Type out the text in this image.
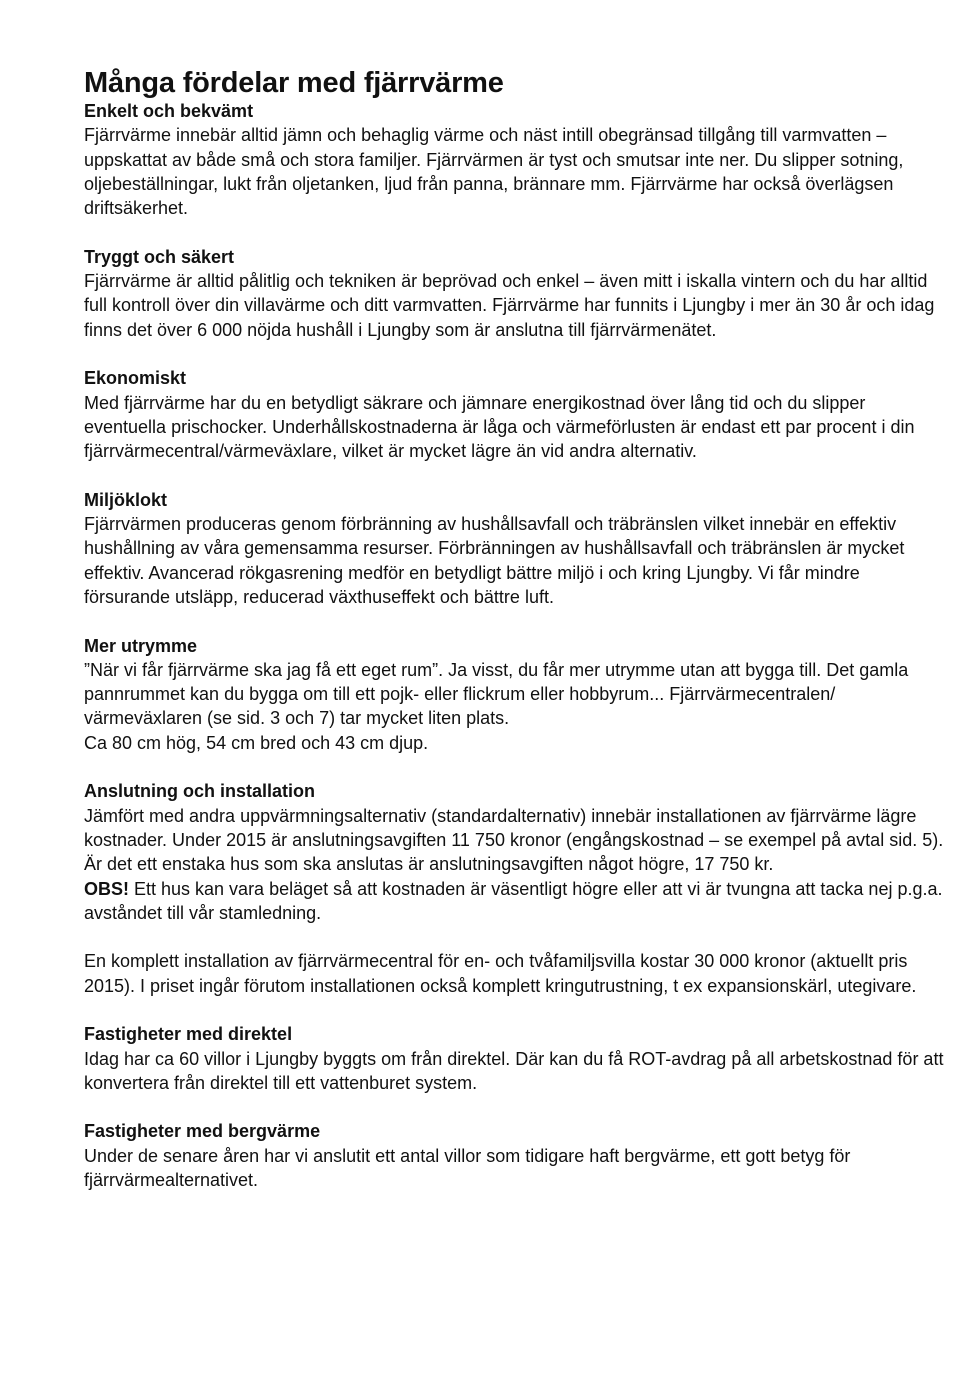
Många fördelar med fjärrvärme
Enkelt och bekvämt

Fjärrvärme innebär alltid jämn och behaglig värme och näst intill obegränsad tillgång till varmvatten – uppskattat av både små och stora familjer. Fjärrvärmen är tyst och smutsar inte ner. Du slipper sotning, oljebeställningar, lukt från oljetanken, ljud från panna, brännare mm. Fjärrvärme har också överlägsen driftsäkerhet.

Tryggt och säkert

Fjärrvärme är alltid pålitlig och tekniken är beprövad och enkel – även mitt i iskalla vintern och du har alltid full kontroll över din villavärme och ditt varmvatten. Fjärrvärme har funnits i Ljungby i mer än 30 år och idag finns det över 6 000 nöjda hushåll i Ljungby som är anslutna till fjärrvärmenätet.

Ekonomiskt

Med fjärrvärme har du en betydligt säkrare och jämnare energikostnad över lång tid och du slipper eventuella prischocker. Underhållskostnaderna är låga och värmeförlusten är endast ett par procent i din fjärrvärmecentral/värmeväxlare, vilket är mycket lägre än vid andra alternativ.

Miljöklokt

Fjärrvärmen produceras genom förbränning av hushållsavfall och träbränslen vilket innebär en effektiv hushållning av våra gemensamma resurser. Förbränningen av hushållsavfall och träbränslen är mycket effektiv. Avancerad rökgasrening medför en betydligt bättre miljö i och kring Ljungby. Vi får mindre försurande utsläpp, reducerad växthuseffekt och bättre luft.

Mer utrymme

”När vi får fjärrvärme ska jag få ett eget rum”. Ja visst, du får mer utrymme utan att bygga till. Det gamla pannrummet kan du bygga om till ett pojk- eller flickrum eller hobbyrum... Fjärrvärmecentralen/ värmeväxlaren (se sid. 3 och 7) tar mycket liten plats.

Ca 80 cm hög, 54 cm bred och 43 cm djup.

Anslutning och installation

Jämfört med andra uppvärmningsalternativ (standardalternativ) innebär installationen av fjärrvärme lägre kostnader. Under 2015 är anslutningsavgiften 11 750 kronor (engångskostnad – se exempel på avtal sid. 5). Är det ett enstaka hus som ska anslutas är anslutningsavgiften något högre, 17 750 kr.

OBS! Ett hus kan vara beläget så att kostnaden är väsentligt högre eller att vi är tvungna att tacka nej p.g.a. avståndet till vår stamledning.

En komplett installation av fjärrvärmecentral för en- och tvåfamiljsvilla kostar 30 000 kronor (aktuellt pris 2015). I priset ingår förutom installationen också komplett kringutrustning, t ex expansionskärl, utegivare.

Fastigheter med direktel

Idag har ca 60 villor i Ljungby byggts om från direktel. Där kan du få ROT-avdrag på all arbetskostnad för att konvertera från direktel till ett vattenburet system.

Fastigheter med bergvärme

Under de senare åren har vi anslutit ett antal villor som tidigare haft bergvärme, ett gott betyg för fjärrvärmealternativet.
